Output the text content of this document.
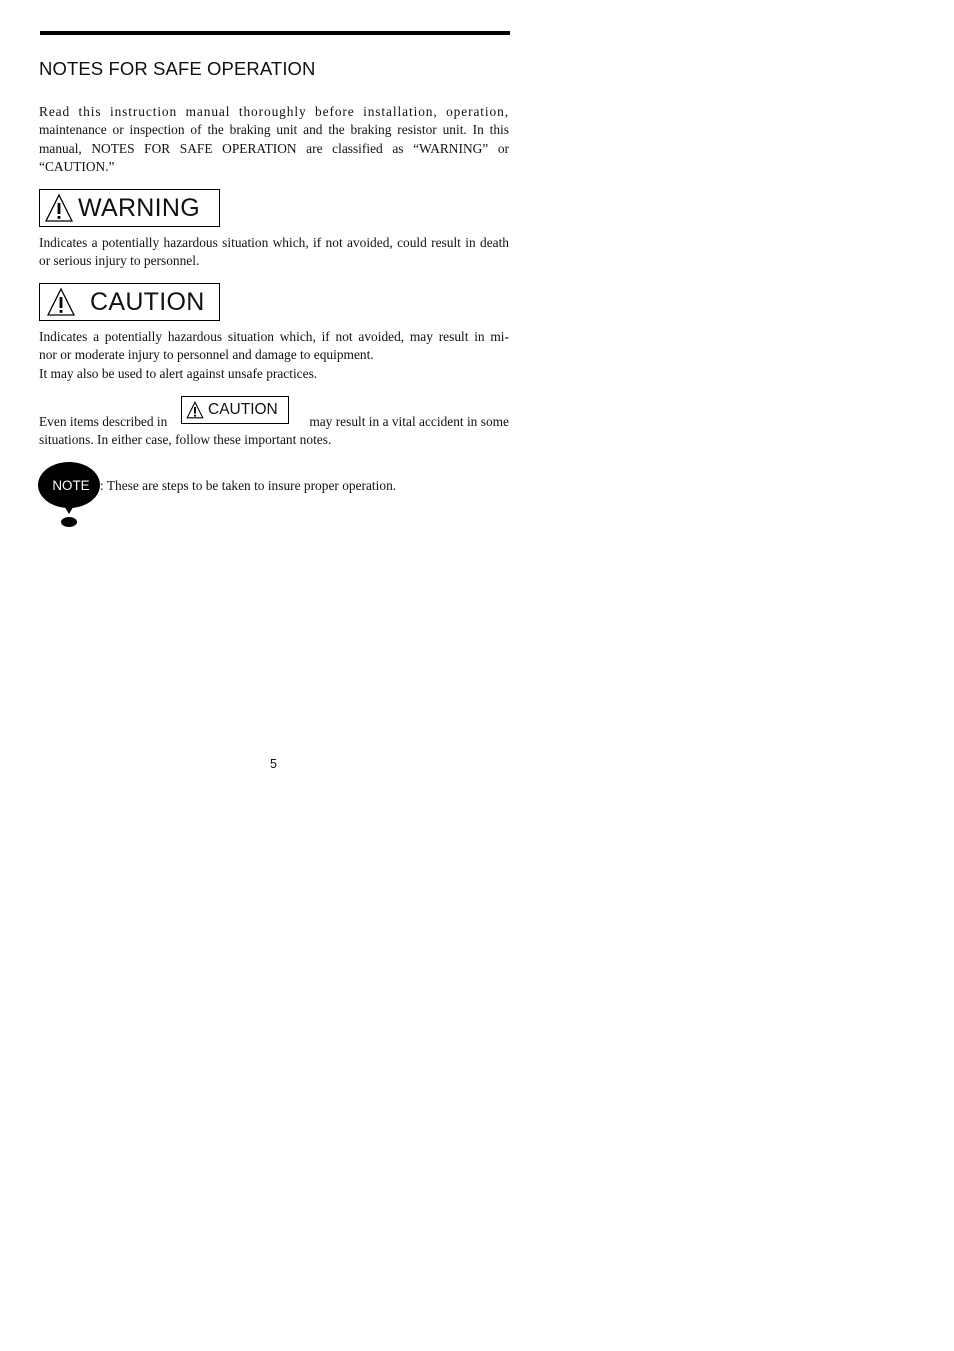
NOTES FOR SAFE OPERATION

Read this instruction manual thoroughly before installation, operation,
maintenance or inspection of the braking unit and the braking resistor unit. In this
manual, NOTES FOR SAFE OPERATION are classified as “WARNING” or
“CAUTION.”

WARNING

Indicates a potentially hazardous situation which, if not avoided, could result in death or serious injury to personnel.

CAUTION

Indicates a potentially hazardous situation which, if not avoided, may result in mi-
nor or moderate injury to personnel and damage to equipment.
It may also be used to alert against unsafe practices.

Even items described in	may result in a vital accident in some
CAUTION

situations. In either case, follow these important notes.

NOTE : These are steps to be taken to insure proper operation.
5
